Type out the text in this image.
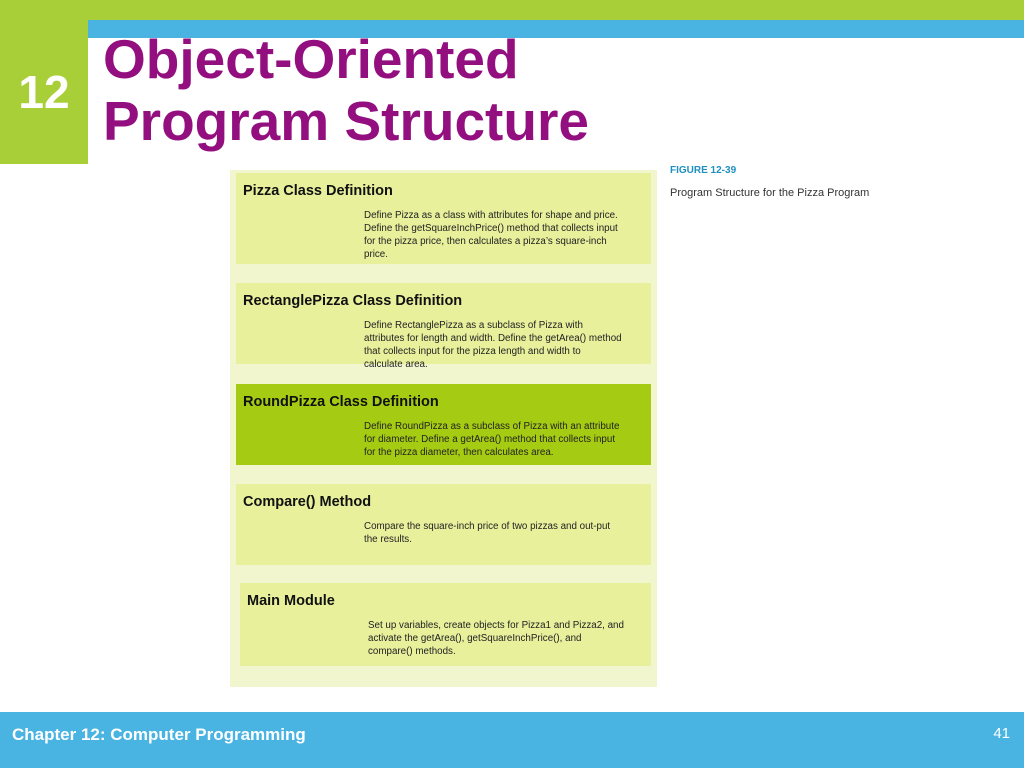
12
Object-Oriented
Program Structure
Pizza Class Definition
Define Pizza as a class with attributes for shape and price. Define the getSquareInchPrice() method that collects input for the pizza price, then calculates a pizza’s square-inch price.
RectanglePizza Class Definition
Define RectanglePizza as a subclass of Pizza with attributes for length and width. Define the getArea() method that collects input for the pizza length and width to calculate area.
RoundPizza Class Definition
Define RoundPizza as a subclass of Pizza with an attribute for diameter. Define a getArea() method that collects input for the pizza diameter, then calculates area.
Compare() Method
Compare the square-inch price of two pizzas and out-put the results.
Main Module
Set up variables, create objects for Pizza1 and Pizza2, and activate the getArea(), getSquareInchPrice(), and compare() methods.
FIGURE 12-39
Program Structure for the Pizza Program
Chapter 12: Computer Programming	41
